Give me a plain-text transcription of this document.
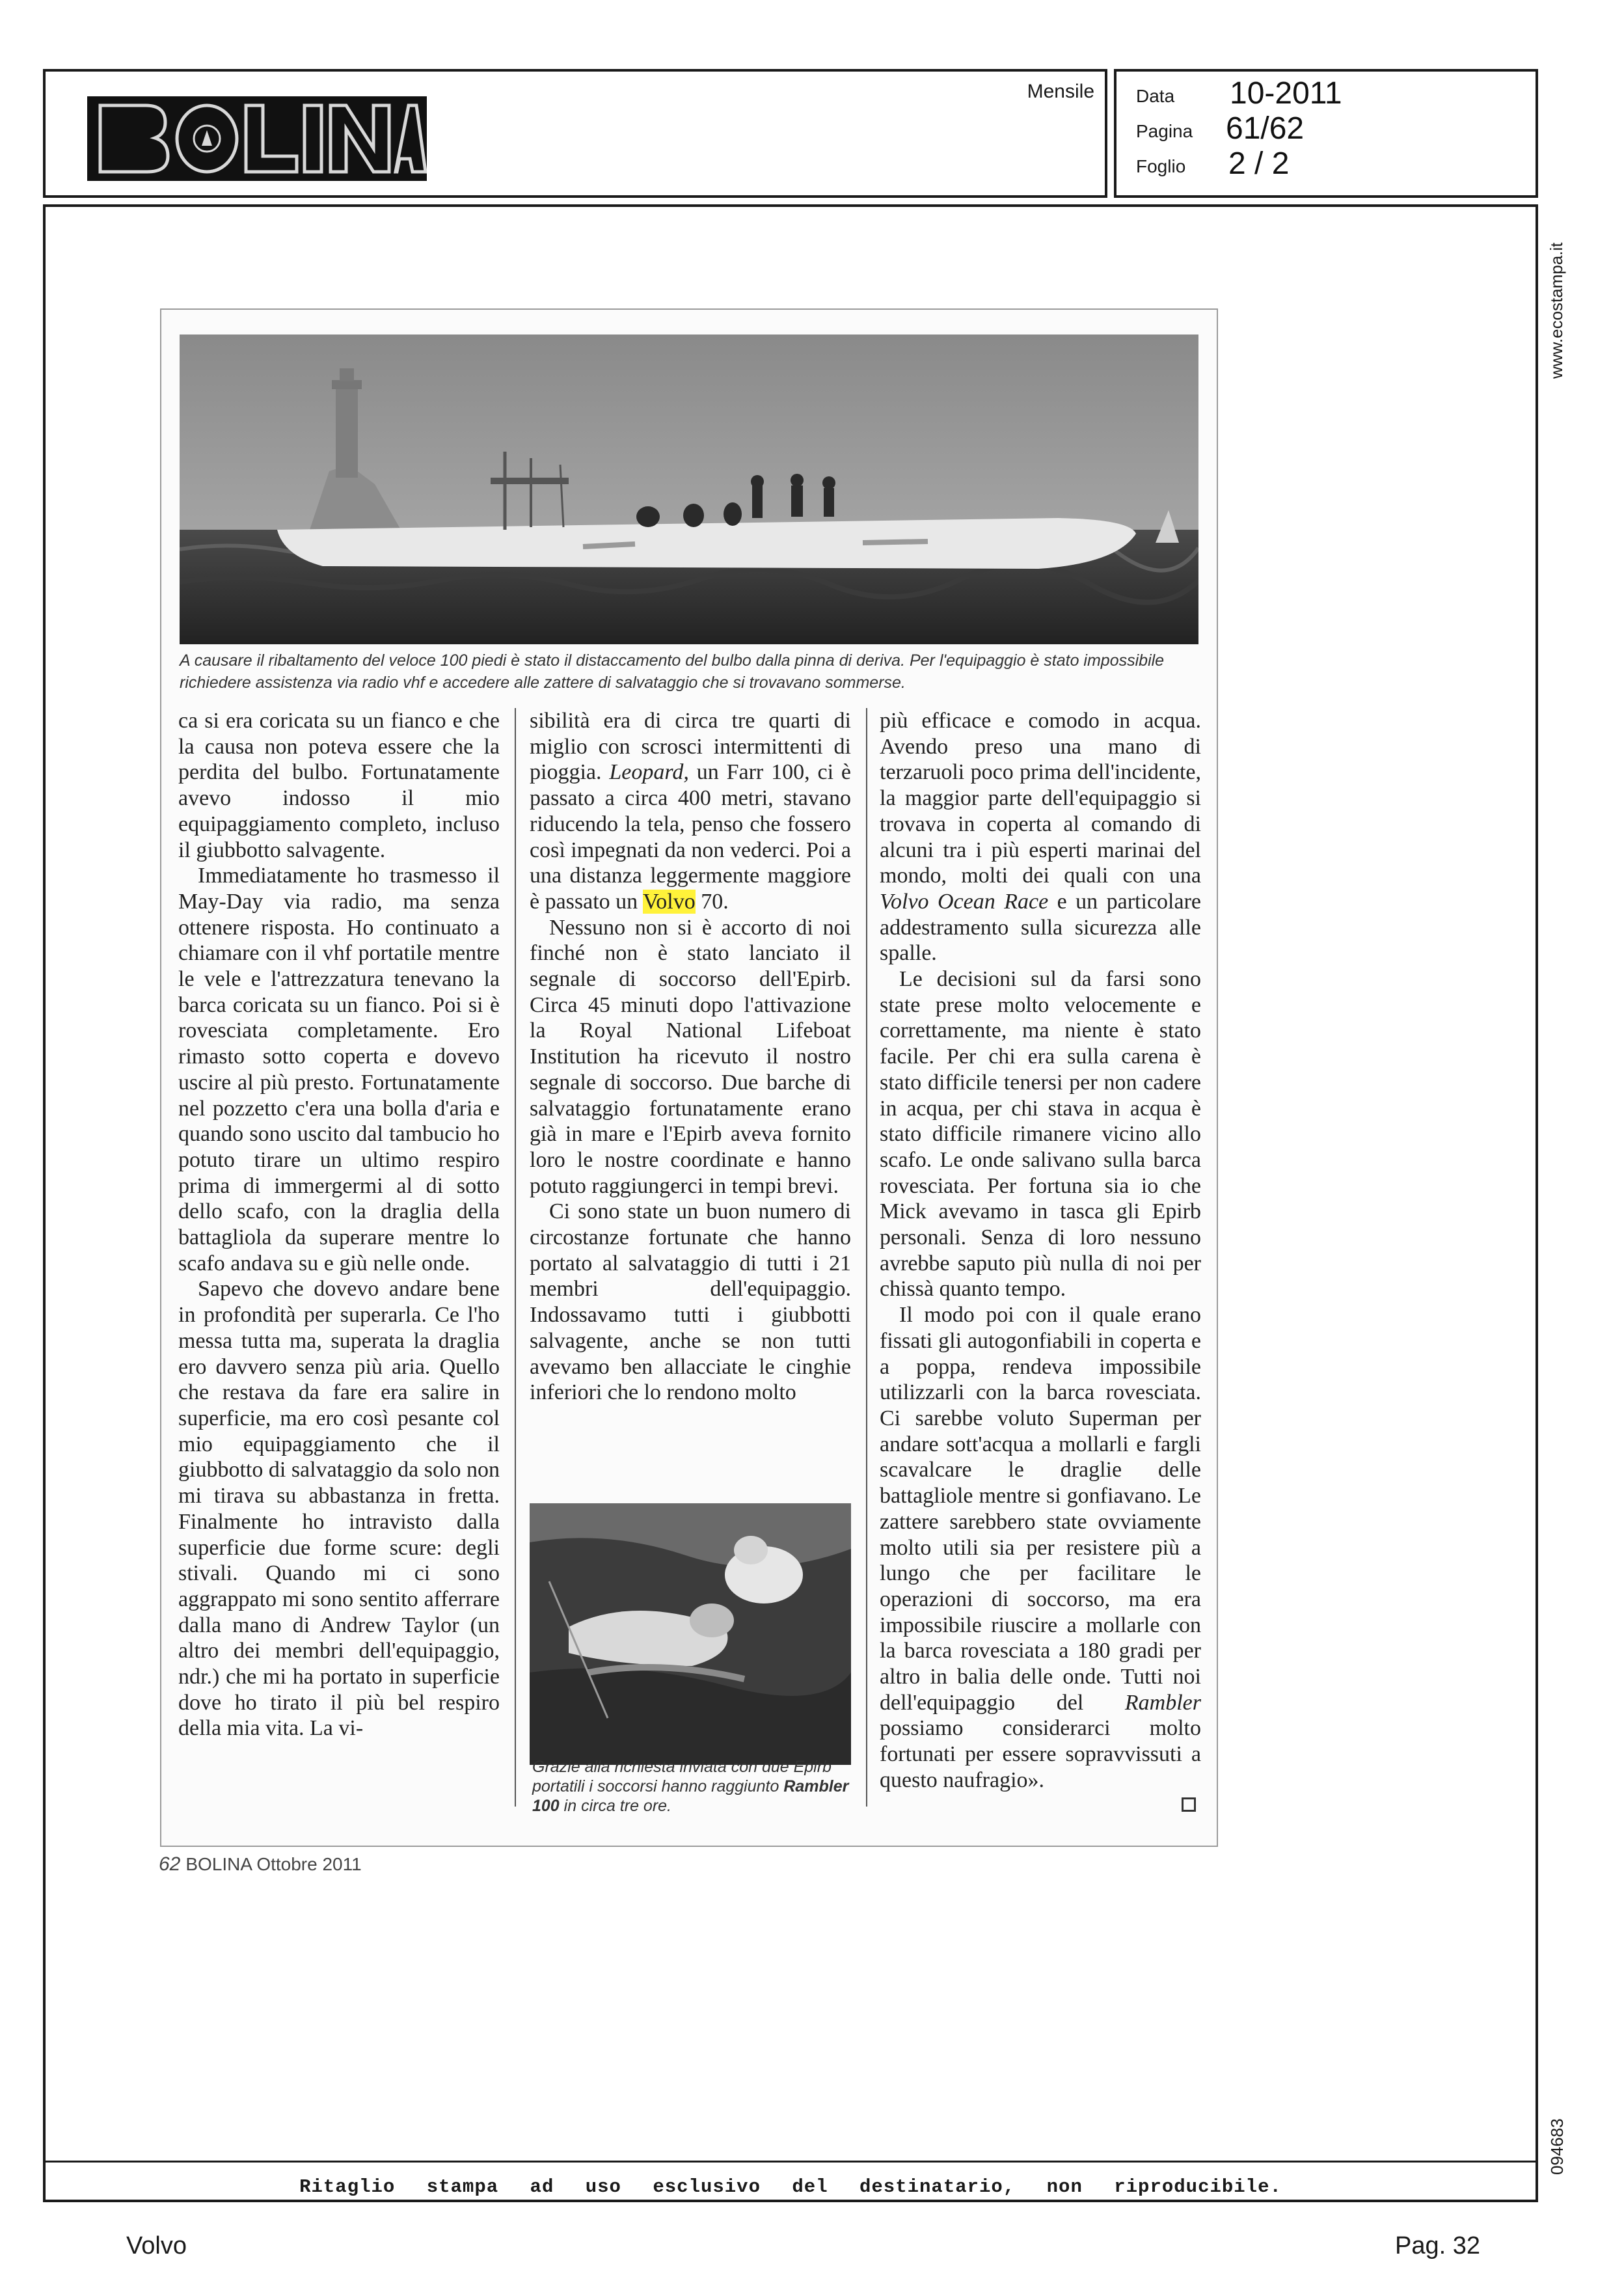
Mensile Data 10-2011
Pagina 61/62
Foglio 2 / 2
Ritaglio stampa ad uso esclusivo del destinatario, non riproducibile.
www.ecostampa.it
094683
A causare il ribaltamento del veloce 100 piedi è stato il distaccamento del bulbo dalla pinna di deriva. Per l'equipaggio è stato impossibile richiedere assistenza via radio vhf e accedere alle zattere di salvataggio che si trovavano sommerse.

ca si era coricata su un fianco e che la causa non poteva essere che la perdita del bulbo. Fortunatamente avevo indosso il mio equipaggiamento completo, incluso il giubbotto salvagente.

Immediatamente ho trasmesso il May-Day via radio, ma senza ottenere risposta. Ho continuato a chiamare con il vhf portatile mentre le vele e l'attrezzatura tenevano la barca coricata su un fianco. Poi si è rovesciata completamente. Ero rimasto sotto coperta e dovevo uscire al più presto. Fortunatamente nel pozzetto c'era una bolla d'aria e quando sono uscito dal tambucio ho potuto tirare un ultimo respiro prima di immergermi al di sotto dello scafo, con la draglia della battagliola da superare mentre lo scafo andava su e giù nelle onde.

Sapevo che dovevo andare bene in profondità per superarla. Ce l'ho messa tutta ma, superata la draglia ero davvero senza più aria. Quello che restava da fare era salire in superficie, ma ero così pesante col mio equipaggiamento che il giubbotto di salvataggio da solo non mi tirava su abbastanza in fretta. Finalmente ho intravisto dalla superficie due forme scure: degli stivali. Quando mi ci sono aggrappato mi sono sentito afferrare dalla mano di Andrew Taylor (un altro dei membri dell'equipaggio, ndr.) che mi ha portato in superficie dove ho tirato il più bel respiro della mia vita. La vi-

sibilità era di circa tre quarti di miglio con scrosci intermittenti di pioggia. Leopard, un Farr 100, ci è passato a circa 400 metri, stavano riducendo la tela, penso che fossero così impegnati da non vederci. Poi a una distanza leggermente maggiore è passato un Volvo 70.

Nessuno non si è accorto di noi finché non è stato lanciato il segnale di soccorso dell'Epirb. Circa 45 minuti dopo l'attivazione la Royal National Lifeboat Institution ha ricevuto il nostro segnale di soccorso. Due barche di salvataggio fortunatamente erano già in mare e l'Epirb aveva fornito loro le nostre coordinate e hanno potuto raggiungerci in tempi brevi.

Ci sono state un buon numero di circostanze fortunate che hanno portato al salvataggio di tutti i 21 membri dell'equipaggio. Indossavamo tutti i giubbotti salvagente, anche se non tutti avevamo ben allacciate le cinghie inferiori che lo rendono molto

più efficace e comodo in acqua. Avendo preso una mano di terzaruoli poco prima dell'incidente, la maggior parte dell'equipaggio si trovava in coperta al comando di alcuni tra i più esperti marinai del mondo, molti dei quali con una Volvo Ocean Race e un particolare addestramento sulla sicurezza alle spalle.

Le decisioni sul da farsi sono state prese molto velocemente e correttamente, ma niente è stato facile. Per chi era sulla carena è stato difficile tenersi per non cadere in acqua, per chi stava in acqua è stato difficile rimanere vicino allo scafo. Le onde salivano sulla barca rovesciata. Per fortuna sia io che Mick avevamo in tasca gli Epirb personali. Senza di loro nessuno avrebbe saputo più nulla di noi per chissà quanto tempo.

Il modo poi con il quale erano fissati gli autogonfiabili in coperta e a poppa, rendeva impossibile utilizzarli con la barca rovesciata. Ci sarebbe voluto Superman per andare sott'acqua a mollarli e fargli scavalcare le draglie delle battagliole mentre si gonfiavano. Le zattere sarebbero state ovviamente molto utili sia per resistere più a lungo che per facilitare le operazioni di soccorso, ma era impossibile riuscire a mollarle con la barca rovesciata a 180 gradi per altro in balia delle onde. Tutti noi dell'equipaggio del Rambler possiamo considerarci molto fortunati per essere sopravvissuti a questo naufragio».

Grazie alla richiesta inviata con due Epirb portatili i soccorsi hanno raggiunto Rambler 100 in circa tre ore.
62 BOLINA Ottobre 2011
Volvo	Pag. 32
